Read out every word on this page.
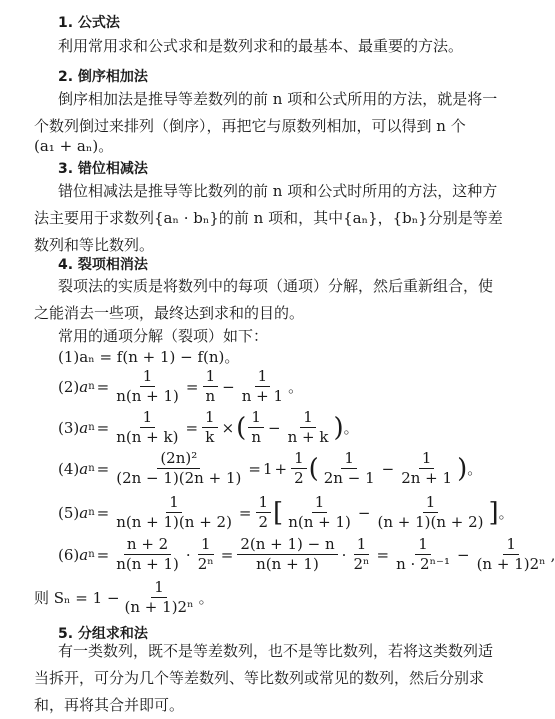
1. 公式法

利用常用求和公式求和是数列求和的最基本、最重要的方法。

2. 倒序相加法

倒序相加法是推导等差数列的前 n 项和公式所用的方法，就是将一个数列倒过来排列（倒序），再把它与原数列相加，可以得到 n 个

(a₁ + aₙ)。
3. 错位相减法

错位相减法是推导等比数列的前 n 项和公式时所用的方法，这种方法主要用于求数列{aₙ · bₙ}的前 n 项和，其中{aₙ}，{bₙ}分别是等差数列和等比数列。

4. 裂项相消法

裂项法的实质是将数列中的每项（通项）分解，然后重新组合，使之能消去一些项，最终达到求和的目的。

常用的通项分解（裂项）如下：
(1)aₙ = f(n + 1) − f(n)。
(2) a $n = \frac{1}{n(n + 1)} = \frac{1}{n} - \frac{1}{n + 1}$ 。
(3) a $n = \frac{1}{n(n + k)} = \frac{1}{k}$ × ( $\frac{1}{n} - \frac{1}{n + k}$ ) 。
(4) a $n = \frac{\text{(2n)²}}{(2n - 1)(2n + 1)} = 1 + \frac{1}{2}$ ( $\frac{1}{2n - 1} - \frac{1}{2n + 1}$ ) 。
(5) a $n = \frac{1}{n(n + 1)(n + 2)} = \frac{1}{2}$ [ $\frac{1}{n(n + 1)} - \frac{1}{(n + 1)(n + 2)}$ ] 。
(6) a $n = \frac{n + 2}{n(n + 1)} \cdot \frac{1}{\text{2ⁿ}} = \frac{2(n + 1) - n}{n(n + 1)} \cdot \frac{1}{\text{2ⁿ}} = \frac{1}{\text{n · 2ⁿ⁻¹}} - \frac{1}{\text{(n + 1)2ⁿ}}$ ,
则 $S_n = 1 - \frac{1}{\text{(n + 1)2ⁿ}}$ 。
5. 分组求和法

有一类数列，既不是等差数列，也不是等比数列，若将这类数列适当拆开，可分为几个等差数列、等比数列或常见的数列，然后分别求和，再将其合并即可。
